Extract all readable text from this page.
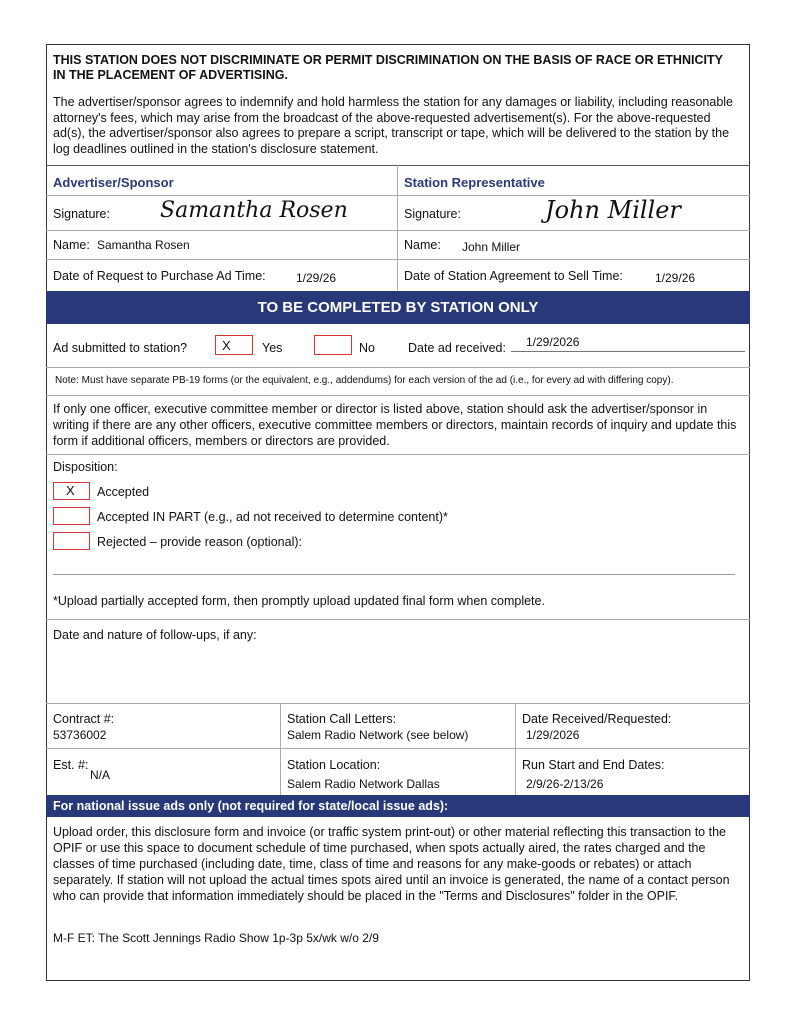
THIS STATION DOES NOT DISCRIMINATE OR PERMIT DISCRIMINATION ON THE BASIS OF RACE OR ETHNICITY IN THE PLACEMENT OF ADVERTISING.
The advertiser/sponsor agrees to indemnify and hold harmless the station for any damages or liability, including reasonable attorney's fees, which may arise from the broadcast of the above-requested advertisement(s). For the above-requested ad(s), the advertiser/sponsor also agrees to prepare a script, transcript or tape, which will be delivered to the station by the log deadlines outlined in the station's disclosure statement.
Advertiser/Sponsor	Station Representative
Signature: Samantha Rosen	Signature:	John Miller
Name: Samantha Rosen	Name: John Miller
Date of Request to Purchase Ad Time:	1/29/26	Date of Station Agreement to Sell Time:	1/29/26
TO BE COMPLETED BY STATION ONLY
Ad submitted to station?	X	Yes	No	Date ad received: 1/29/2026
Note: Must have separate PB-19 forms (or the equivalent, e.g., addendums) for each version of the ad (i.e., for every ad with differing copy).
If only one officer, executive committee member or director is listed above, station should ask the advertiser/sponsor in writing if there are any other officers, executive committee members or directors, maintain records of inquiry and update this form if additional officers, members or directors are provided.
Disposition:
X Accepted
Accepted IN PART (e.g., ad not received to determine content)*
Rejected – provide reason (optional):
*Upload partially accepted form, then promptly upload updated final form when complete.
Date and nature of follow-ups, if any:
Contract #:
53736002
Station Call Letters:
Salem Radio Network (see below)
Date Received/Requested:
1/29/2026
Est. #:
N/A
Station Location:
Salem Radio Network Dallas
Run Start and End Dates:
2/9/26-2/13/26
For national issue ads only (not required for state/local issue ads):
Upload order, this disclosure form and invoice (or traffic system print-out) or other material reflecting this transaction to the OPIF or use this space to document schedule of time purchased, when spots actually aired, the rates charged and the classes of time purchased (including date, time, class of time and reasons for any make-goods or rebates) or attach separately. If station will not upload the actual times spots aired until an invoice is generated, the name of a contact person who can provide that information immediately should be placed in the "Terms and Disclosures" folder in the OPIF.
M-F ET: The Scott Jennings Radio Show 1p-3p 5x/wk w/o 2/9
